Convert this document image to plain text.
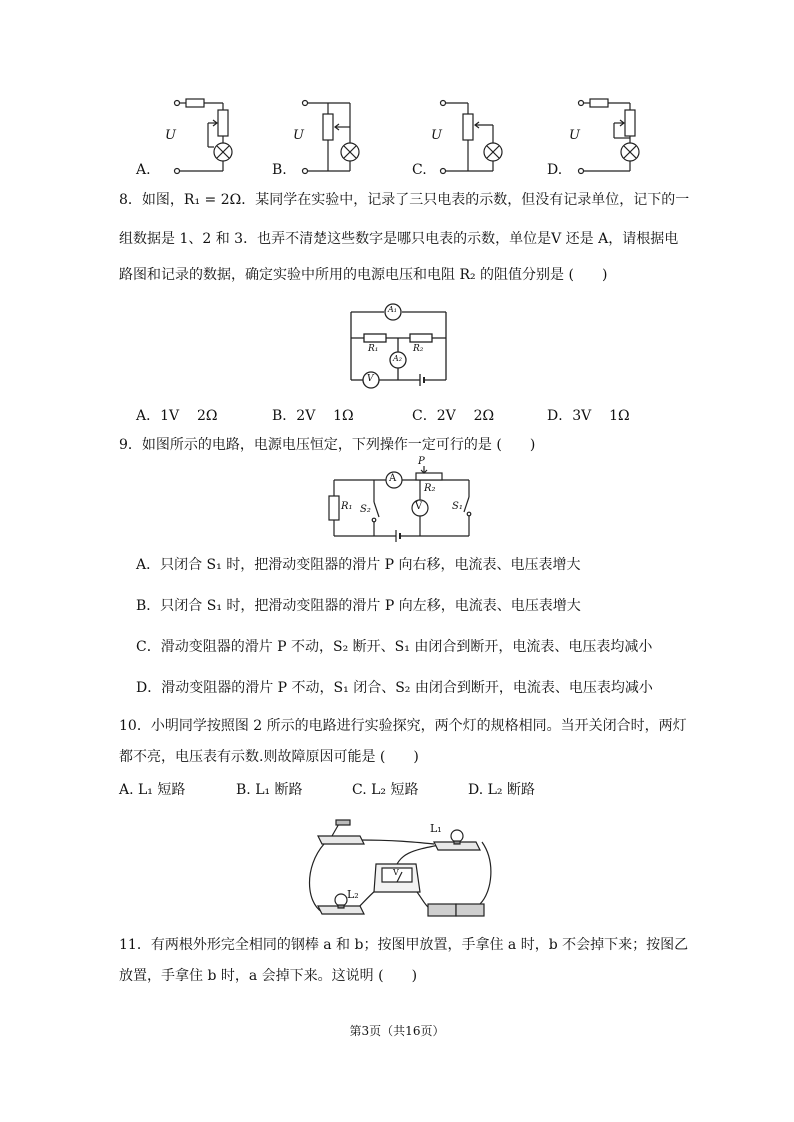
U	U	U	U
A.	B.	C.	D.
8．如图，R₁ = 2Ω．某同学在实验中，记录了三只电表的示数，但没有记录单位，记下的一
组数据是 1、2 和 3．也弄不清楚这些数字是哪只电表的示数，单位是V 还是 A，请根据电
路图和记录的数据，确定实验中所用的电源电压和电阻 R₂ 的阻值分别是 (　　)
A₁
A₂
V
R₁	R₂
A．1V 2Ω	B．2V 1Ω	C．2V 2Ω	D．3V 1Ω
9．如图所示的电路，电源电压恒定，下列操作一定可行的是 (　　)
A
V
P
R₂
R₁ S₂	S₁
A．只闭合 S₁ 时，把滑动变阻器的滑片 P 向右移，电流表、电压表增大
B．只闭合 S₁ 时，把滑动变阻器的滑片 P 向左移，电流表、电压表增大
C．滑动变阻器的滑片 P 不动，S₂ 断开、S₁ 由闭合到断开，电流表、电压表均减小
D．滑动变阻器的滑片 P 不动，S₁ 闭合、S₂ 由闭合到断开，电流表、电压表均减小
10．小明同学按照图 2 所示的电路进行实验探究，两个灯的规格相同。当开关闭合时，两灯
都不亮，电压表有示数.则故障原因可能是 (　　)
A. L₁ 短路	B. L₁ 断路	C. L₂ 短路	D. L₂ 断路
L₁
L₂
V
11．有两根外形完全相同的钢棒 a 和 b；按图甲放置，手拿住 a 时，b 不会掉下来；按图乙
放置，手拿住 b 时，a 会掉下来。这说明 (　　)
第3页（共16页）
